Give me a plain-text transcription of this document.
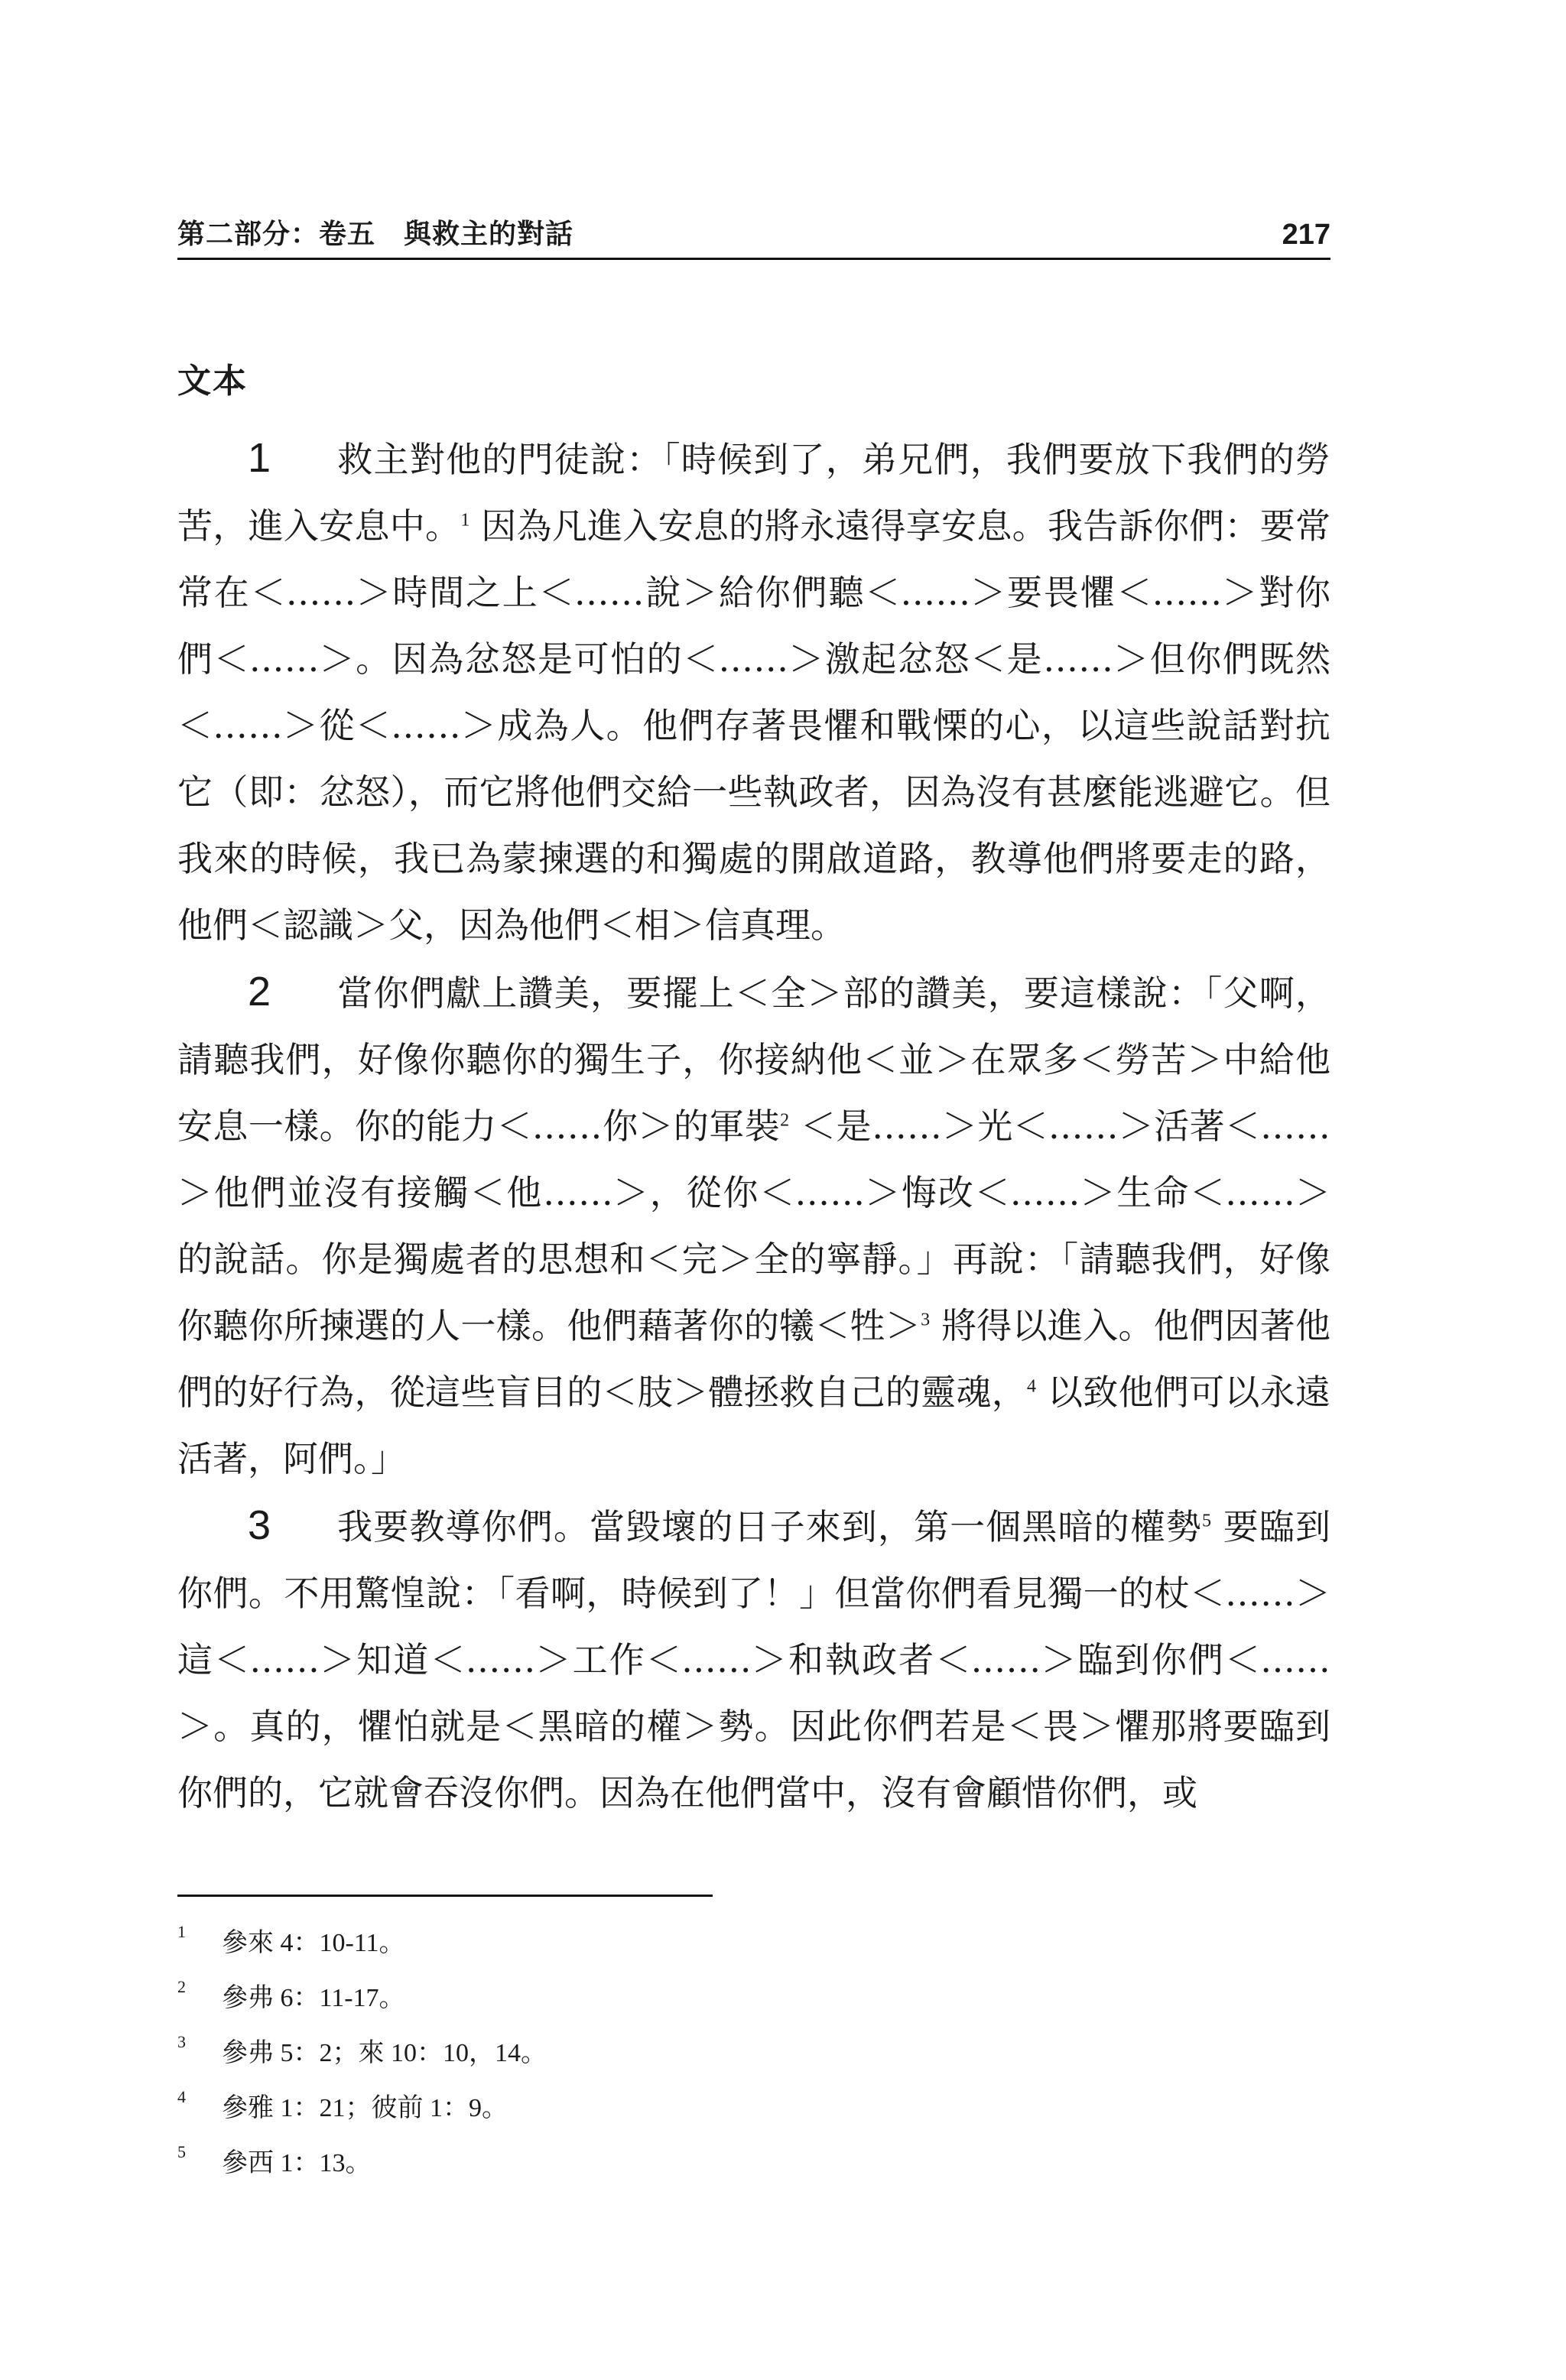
第二部分：卷五　與救主的對話	217
文本

1 救主對他的門徒說：「時候到了，弟兄們，我們要放下我們的勞苦，進入安息中。$^1$ 因為凡進入安息的將永遠得享安息。我告訴你們：要常常在＜……＞時間之上＜……說＞給你們聽＜……＞要畏懼＜……＞對你們＜……＞。因為忿怒是可怕的＜……＞激起忿怒＜是……＞但你們既然＜……＞從＜……＞成為人。他們存著畏懼和戰慄的心，以這些說話對抗它（即：忿怒），而它將他們交給一些執政者，因為沒有甚麼能逃避它。但我來的時候，我已為蒙揀選的和獨處的開啟道路，教導他們將要走的路，他們＜認識＞父，因為他們＜相＞信真理。

2 當你們獻上讚美，要擺上＜全＞部的讚美，要這樣說：「父啊，請聽我們，好像你聽你的獨生子，你接納他＜並＞在眾多＜勞苦＞中給他安息一樣。你的能力＜……你＞的軍裝$^2$ ＜是……＞光＜……＞活著＜……＞他們並沒有接觸＜他……＞，從你＜……＞悔改＜……＞生命＜……＞的說話。你是獨處者的思想和＜完＞全的寧靜。」再說：「請聽我們，好像你聽你所揀選的人一樣。他們藉著你的犧＜牲＞$^3$ 將得以進入。他們因著他們的好行為，從這些盲目的＜肢＞體拯救自己的靈魂，$^4$ 以致他們可以永遠活著，阿們。」

3 我要教導你們。當毀壞的日子來到，第一個黑暗的權勢$^5$ 要臨到你們。不用驚惶說：「看啊，時候到了！」但當你們看見獨一的杖＜……＞這＜……＞知道＜……＞工作＜……＞和執政者＜……＞臨到你們＜……＞。真的，懼怕就是＜黑暗的權＞勢。因此你們若是＜畏＞懼那將要臨到你們的，它就會吞沒你們。因為在他們當中，沒有會顧惜你們，或

1	參來 4：10-11。
2	參弗 6：11-17。
3	參弗 5：2；來 10：10，14。
4	參雅 1：21；彼前 1：9。
5	參西 1：13。
